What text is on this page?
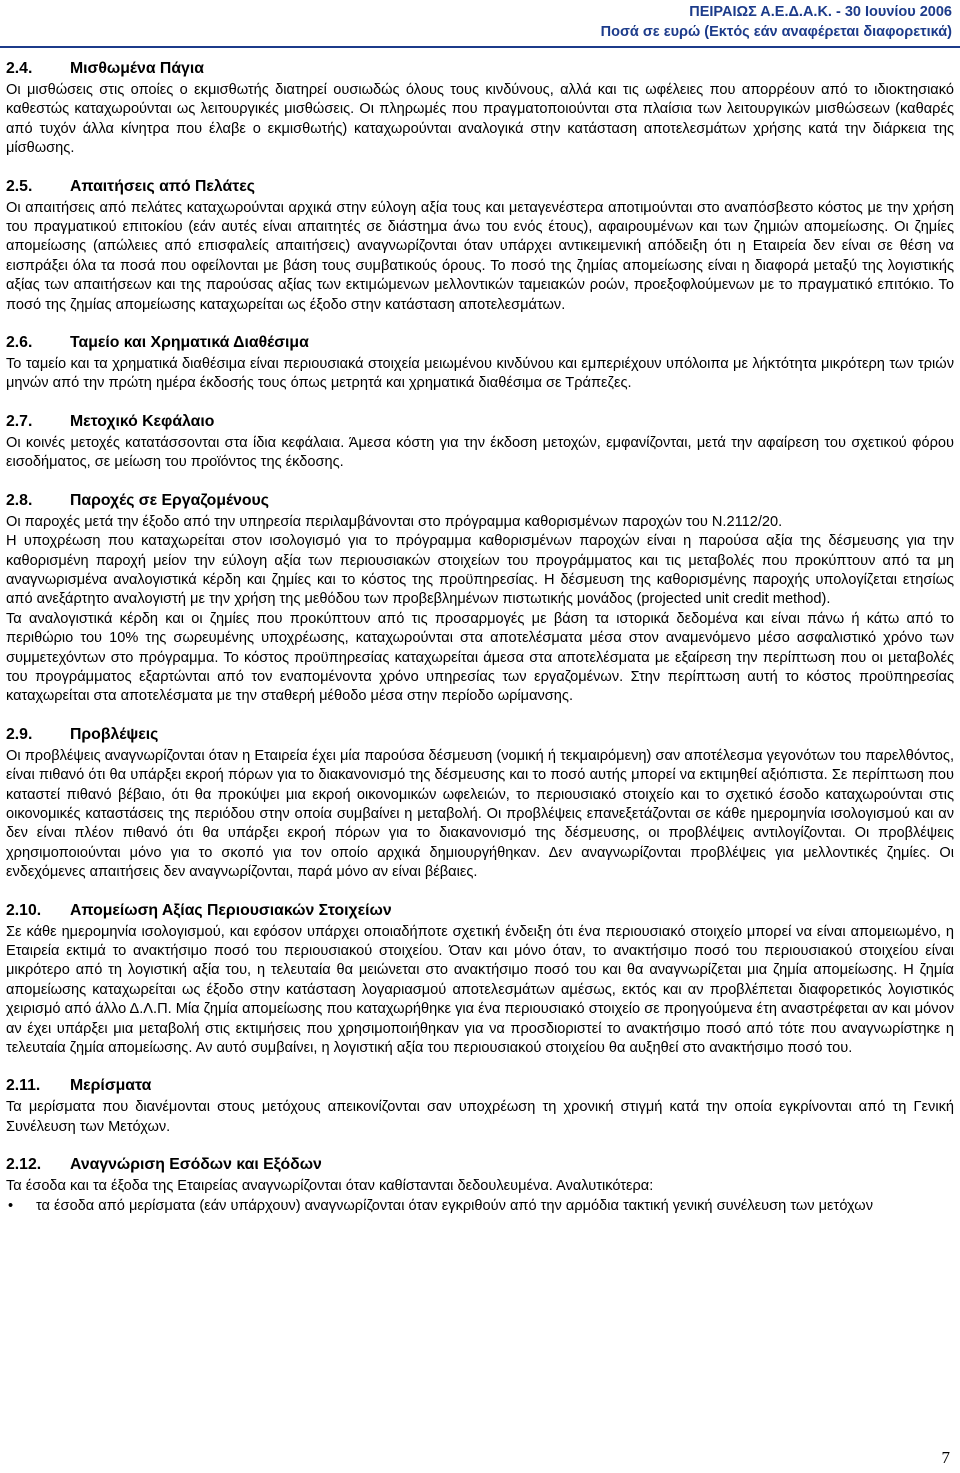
ΠΕΙΡΑΙΩΣ Α.Ε.Δ.Α.Κ. - 30 Ιουνίου 2006
Ποσά σε ευρώ (Εκτός εάν αναφέρεται διαφορετικά)
2.4. Μισθωμένα Πάγια

Οι μισθώσεις στις οποίες ο εκμισθωτής διατηρεί ουσιωδώς όλους τους κινδύνους, αλλά και τις ωφέλειες που απορρέουν από το ιδιοκτησιακό καθεστώς καταχωρούνται ως λειτουργικές μισθώσεις. Οι πληρωμές που πραγματοποιούνται στα πλαίσια των λειτουργικών μισθώσεων (καθαρές από τυχόν άλλα κίνητρα που έλαβε ο εκμισθωτής) καταχωρούνται αναλογικά στην κατάσταση αποτελεσμάτων χρήσης κατά την διάρκεια της μίσθωσης.

2.5. Απαιτήσεις από Πελάτες

Οι απαιτήσεις από πελάτες καταχωρούνται αρχικά στην εύλογη αξία τους και μεταγενέστερα αποτιμούνται στο αναπόσβεστο κόστος με την χρήση του πραγματικού επιτοκίου (εάν αυτές είναι απαιτητές σε διάστημα άνω του ενός έτους), αφαιρουμένων και των ζημιών απομείωσης. Οι ζημίες απομείωσης (απώλειες από επισφαλείς απαιτήσεις) αναγνωρίζονται όταν υπάρχει αντικειμενική απόδειξη ότι η Εταιρεία δεν είναι σε θέση να εισπράξει όλα τα ποσά που οφείλονται με βάση τους συμβατικούς όρους. Το ποσό της ζημίας απομείωσης είναι η διαφορά μεταξύ της λογιστικής αξίας των απαιτήσεων και της παρούσας αξίας των εκτιμώμενων μελλοντικών ταμειακών ροών, προεξοφλούμενων με το πραγματικό επιτόκιο. Το ποσό της ζημίας απομείωσης καταχωρείται ως έξοδο στην κατάσταση αποτελεσμάτων.

2.6. Ταμείο και Χρηματικά Διαθέσιμα

Το ταμείο και τα χρηματικά διαθέσιμα είναι περιουσιακά στοιχεία μειωμένου κινδύνου και εμπεριέχουν υπόλοιπα με λήκτότητα μικρότερη των τριών μηνών από την πρώτη ημέρα έκδοσής τους όπως μετρητά και χρηματικά διαθέσιμα σε Τράπεζες.

2.7. Μετοχικό Κεφάλαιο

Οι κοινές μετοχές κατατάσσονται στα ίδια κεφάλαια. Άμεσα κόστη για την έκδοση μετοχών, εμφανίζονται, μετά την αφαίρεση του σχετικού φόρου εισοδήματος, σε μείωση του προϊόντος της έκδοσης.

2.8. Παροχές σε Εργαζομένους

Οι παροχές μετά την έξοδο από την υπηρεσία περιλαμβάνονται στο πρόγραμμα καθορισμένων παροχών του Ν.2112/20.

Η υποχρέωση που καταχωρείται στον ισολογισμό για το πρόγραμμα καθορισμένων παροχών είναι η παρούσα αξία της δέσμευσης για την καθορισμένη παροχή μείον την εύλογη αξία των περιουσιακών στοιχείων του προγράμματος και τις μεταβολές που προκύπτουν από τα μη αναγνωρισμένα αναλογιστικά κέρδη και ζημίες και το κόστος της προϋπηρεσίας. Η δέσμευση της καθορισμένης παροχής υπολογίζεται ετησίως από ανεξάρτητο αναλογιστή με την χρήση της μεθόδου των προβεβλημένων πιστωτικής μονάδος (projected unit credit method).

Τα αναλογιστικά κέρδη και οι ζημίες που προκύπτουν από τις προσαρμογές με βάση τα ιστορικά δεδομένα και είναι πάνω ή κάτω από το περιθώριο του 10% της σωρευμένης υποχρέωσης, καταχωρούνται στα αποτελέσματα μέσα στον αναμενόμενο μέσο ασφαλιστικό χρόνο των συμμετεχόντων στο πρόγραμμα. Το κόστος προϋπηρεσίας καταχωρείται άμεσα στα αποτελέσματα με εξαίρεση την περίπτωση που οι μεταβολές του προγράμματος εξαρτώνται από τον εναπομένοντα χρόνο υπηρεσίας των εργαζομένων. Στην περίπτωση αυτή το κόστος προϋπηρεσίας καταχωρείται στα αποτελέσματα με την σταθερή μέθοδο μέσα στην περίοδο ωρίμανσης.

2.9. Προβλέψεις

Οι προβλέψεις αναγνωρίζονται όταν η Εταιρεία έχει μία παρούσα δέσμευση (νομική ή τεκμαιρόμενη) σαν αποτέλεσμα γεγονότων του παρελθόντος, είναι πιθανό ότι θα υπάρξει εκροή πόρων για το διακανονισμό της δέσμευσης και το ποσό αυτής μπορεί να εκτιμηθεί αξιόπιστα. Σε περίπτωση που καταστεί πιθανό βέβαιο, ότι θα προκύψει μια εκροή οικονομικών ωφελειών, το περιουσιακό στοιχείο και το σχετικό έσοδο καταχωρούνται στις οικονομικές καταστάσεις της περιόδου στην οποία συμβαίνει η μεταβολή. Οι προβλέψεις επανεξετάζονται σε κάθε ημερομηνία ισολογισμού και αν δεν είναι πλέον πιθανό ότι θα υπάρξει εκροή πόρων για το διακανονισμό της δέσμευσης, οι προβλέψεις αντιλογίζονται. Οι προβλέψεις χρησιμοποιούνται μόνο για το σκοπό για τον οποίο αρχικά δημιουργήθηκαν. Δεν αναγνωρίζονται προβλέψεις για μελλοντικές ζημίες. Οι ενδεχόμενες απαιτήσεις δεν αναγνωρίζονται, παρά μόνο αν είναι βέβαιες.

2.10. Απομείωση Αξίας Περιουσιακών Στοιχείων

Σε κάθε ημερομηνία ισολογισμού, και εφόσον υπάρχει οποιαδήποτε σχετική ένδειξη ότι ένα περιουσιακό στοιχείο μπορεί να είναι απομειωμένο, η Εταιρεία εκτιμά το ανακτήσιμο ποσό του περιουσιακού στοιχείου. Όταν και μόνο όταν, το ανακτήσιμο ποσό του περιουσιακού στοιχείου είναι μικρότερο από τη λογιστική αξία του, η τελευταία θα μειώνεται στο ανακτήσιμο ποσό του και θα αναγνωρίζεται μια ζημία απομείωσης. Η ζημία απομείωσης καταχωρείται ως έξοδο στην κατάσταση λογαριασμού αποτελεσμάτων αμέσως, εκτός και αν προβλέπεται διαφορετικός λογιστικός χειρισμό από άλλο Δ.Λ.Π. Μία ζημία απομείωσης που καταχωρήθηκε για ένα περιουσιακό στοιχείο σε προηγούμενα έτη αναστρέφεται αν και μόνον αν έχει υπάρξει μια μεταβολή στις εκτιμήσεις που χρησιμοποιήθηκαν για να προσδιοριστεί το ανακτήσιμο ποσό από τότε που αναγνωρίστηκε η τελευταία ζημία απομείωσης. Αν αυτό συμβαίνει, η λογιστική αξία του περιουσιακού στοιχείου θα αυξηθεί στο ανακτήσιμο ποσό του.

2.11. Μερίσματα

Τα μερίσματα που διανέμονται στους μετόχους απεικονίζονται σαν υποχρέωση τη χρονική στιγμή κατά την οποία εγκρίνονται από τη Γενική Συνέλευση των Μετόχων.

2.12. Αναγνώριση Εσόδων και Εξόδων

Τα έσοδα και τα έξοδα της Εταιρείας αναγνωρίζονται όταν καθίστανται δεδουλευμένα. Αναλυτικότερα:

• τα έσοδα από μερίσματα (εάν υπάρχουν) αναγνωρίζονται όταν εγκριθούν από την αρμόδια τακτική γενική συνέλευση των μετόχων
7
